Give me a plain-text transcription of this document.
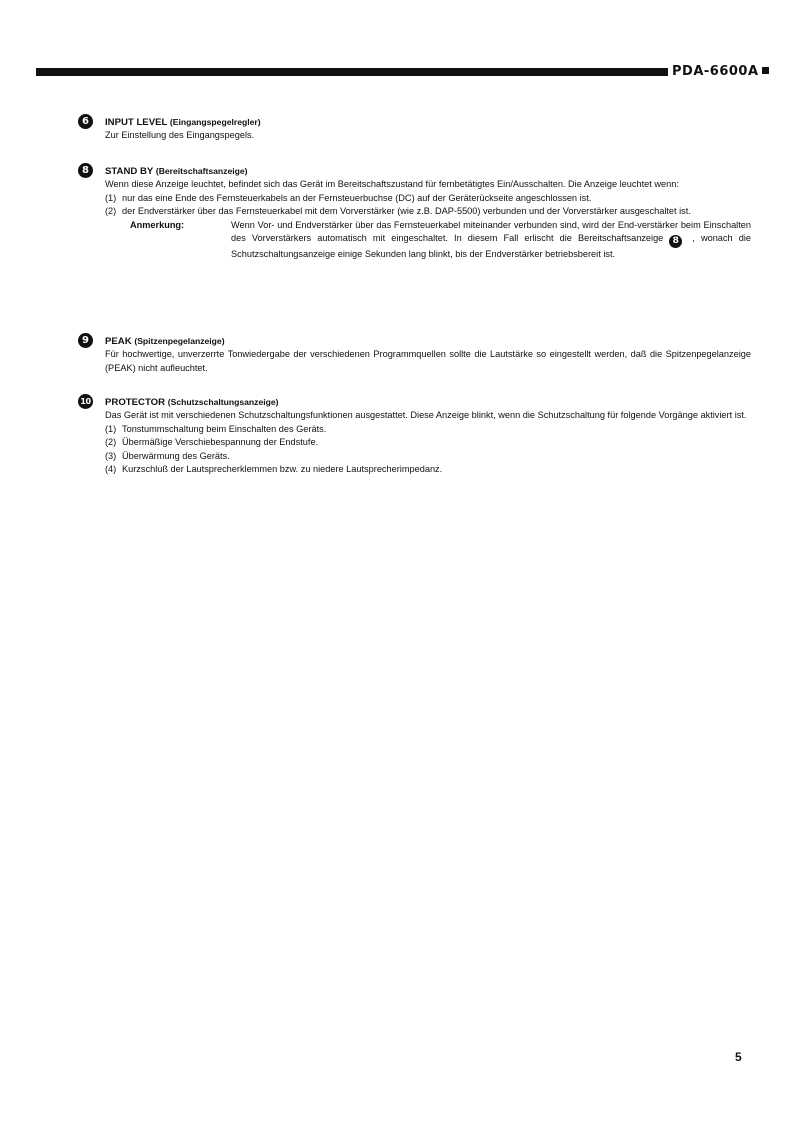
PDA-6600A
6	INPUT LEVEL (Eingangspegelregler)

Zur Einstellung des Eingangspegels.

8	STAND BY (Bereitschaftsanzeige)

Wenn diese Anzeige leuchtet, befindet sich das Gerät im Bereitschaftszustand für fernbetätigtes Ein/Ausschalten. Die Anzeige leuchtet wenn:

(1) nur das eine Ende des Fernsteuerkabels an der Fernsteuerbuchse (DC) auf der Geräterückseite angeschlossen ist.
(2) der Endverstärker über das Fernsteuerkabel mit dem Vorverstärker (wie z.B. DAP-5500) verbunden und der Vorverstärker ausgeschaltet ist.
Anmerkung:	Wenn Vor- und Endverstärker über das Fernsteuerkabel miteinander verbunden sind, wird der End-verstärker beim Einschalten des Vorverstärkers automatisch mit eingeschaltet. In diesem Fall erlischt die Bereitschaftsanzeige 8 , wonach die Schutzschaltungsanzeige einige Sekunden lang blinkt, bis der Endverstärker betriebsbereit ist.
9	PEAK (Spitzenpegelanzeige)

Für hochwertige, unverzerrte Tonwiedergabe der verschiedenen Programmquellen sollte die Lautstärke so eingestellt werden, daß die Spitzenpegelanzeige (PEAK) nicht aufleuchtet.

10 PROTECTOR (Schutzschaltungsanzeige)

Das Gerät ist mit verschiedenen Schutzschaltungsfunktionen ausgestattet. Diese Anzeige blinkt, wenn die Schutzschaltung für folgende Vorgänge aktiviert ist.

(1) Tonstummschaltung beim Einschalten des Geräts.
(2) Übermäßige Verschiebespannung der Endstufe.
(3) Überwärmung des Geräts.
(4) Kurzschluß der Lautsprecherklemmen bzw. zu niedere Lautsprecherimpedanz.
5
